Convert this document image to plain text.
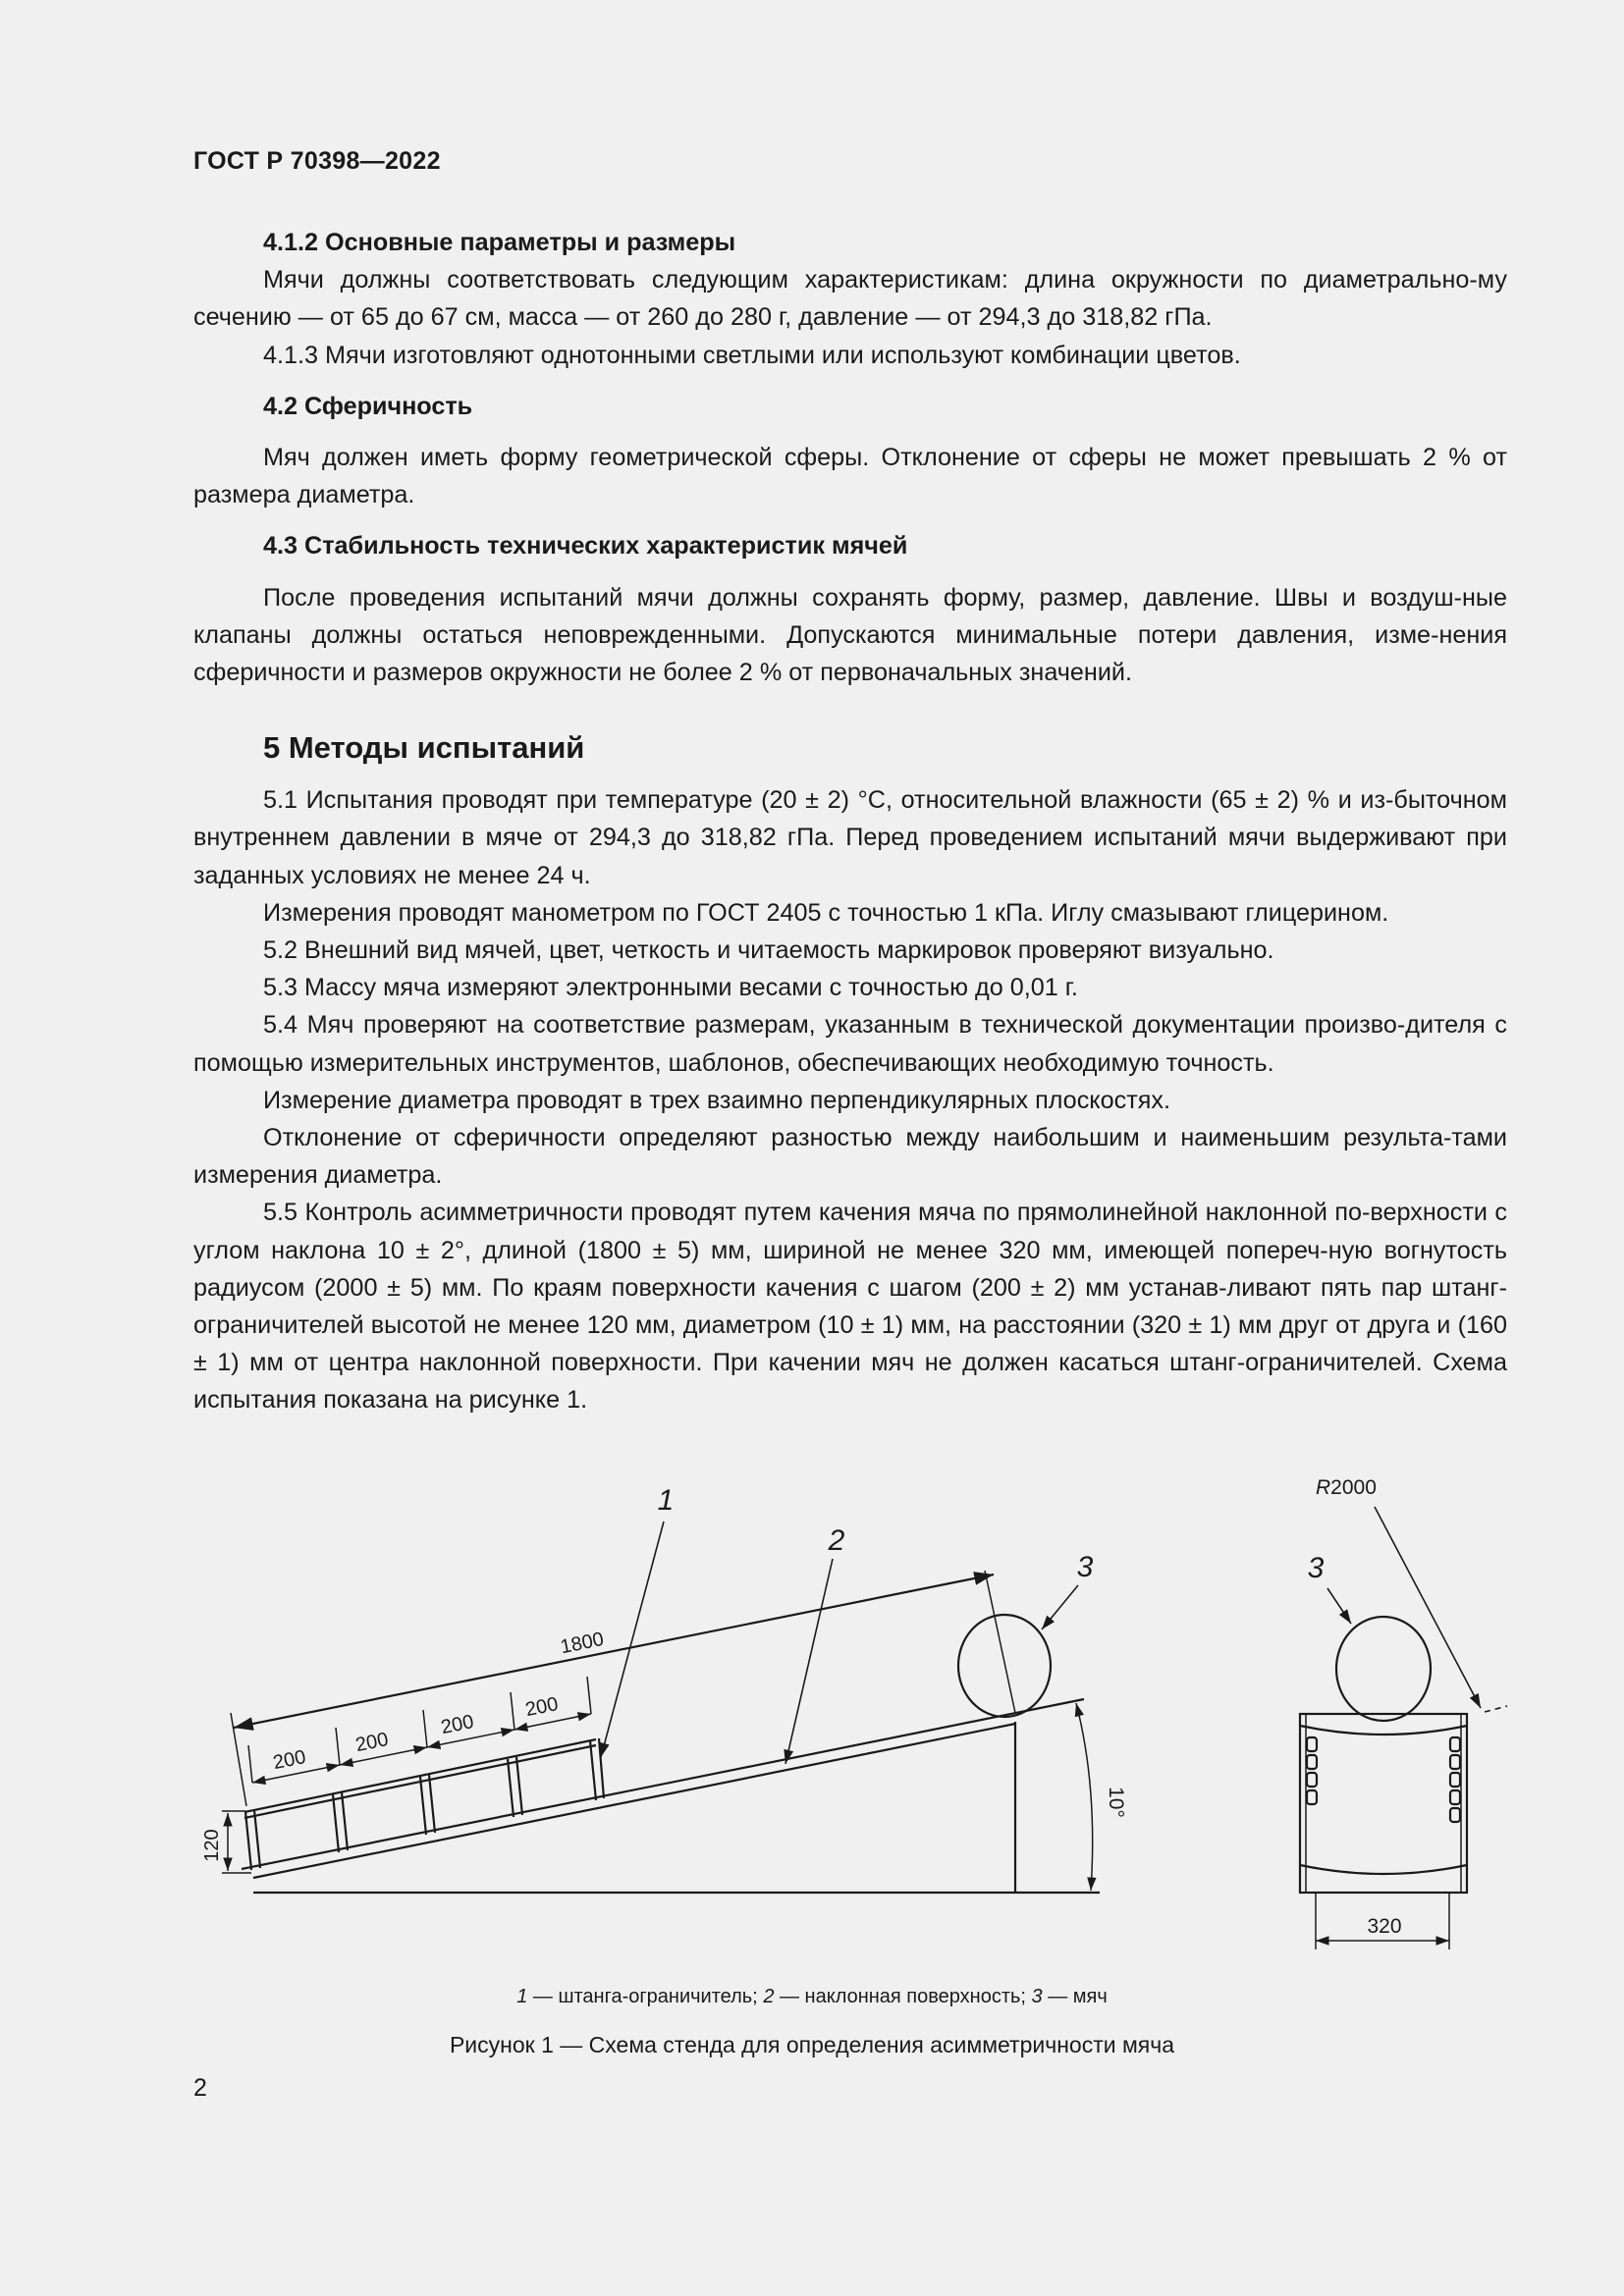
ГОСТ Р 70398—2022
4.1.2 Основные параметры и размеры

Мячи должны соответствовать следующим характеристикам: длина окружности по диаметрально-му сечению — от 65 до 67 см, масса — от 260 до 280 г, давление — от 294,3 до 318,82 гПа.

4.1.3 Мячи изготовляют однотонными светлыми или используют комбинации цветов.

4.2 Сферичность

Мяч должен иметь форму геометрической сферы. Отклонение от сферы не может превышать 2 % от размера диаметра.

4.3 Стабильность технических характеристик мячей

После проведения испытаний мячи должны сохранять форму, размер, давление. Швы и воздуш-ные клапаны должны остаться неповрежденными. Допускаются минимальные потери давления, изме-нения сферичности и размеров окружности не более 2 % от первоначальных значений.

5 Методы испытаний

5.1 Испытания проводят при температуре (20 ± 2) °С, относительной влажности (65 ± 2) % и из-быточном внутреннем давлении в мяче от 294,3 до 318,82 гПа. Перед проведением испытаний мячи выдерживают при заданных условиях не менее 24 ч.

Измерения проводят манометром по ГОСТ 2405 с точностью 1 кПа. Иглу смазывают глицерином.

5.2 Внешний вид мячей, цвет, четкость и читаемость маркировок проверяют визуально.

5.3 Массу мяча измеряют электронными весами с точностью до 0,01 г.

5.4 Мяч проверяют на соответствие размерам, указанным в технической документации произво-дителя с помощью измерительных инструментов, шаблонов, обеспечивающих необходимую точность.

Измерение диаметра проводят в трех взаимно перпендикулярных плоскостях.

Отклонение от сферичности определяют разностью между наибольшим и наименьшим результа-тами измерения диаметра.

5.5 Контроль асимметричности проводят путем качения мяча по прямолинейной наклонной по-верхности с углом наклона 10 ± 2°, длиной (1800 ± 5) мм, шириной не менее 320 мм, имеющей попереч-ную вогнутость радиусом (2000 ± 5) мм. По краям поверхности качения с шагом (200 ± 2) мм устанав-ливают пять пар штанг-ограничителей высотой не менее 120 мм, диаметром (10 ± 1) мм, на расстоянии (320 ± 1) мм друг от друга и (160 ± 1) мм от центра наклонной поверхности. При качении мяч не должен касаться штанг-ограничителей. Схема испытания показана на рисунке 1.

1800
200
200
200
200
120
10°
1
2
3
R2000
3
320
1 — штанга-ограничитель; 2 — наклонная поверхность; 3 — мяч
Рисунок 1 — Схема стенда для определения асимметричности мяча
2
